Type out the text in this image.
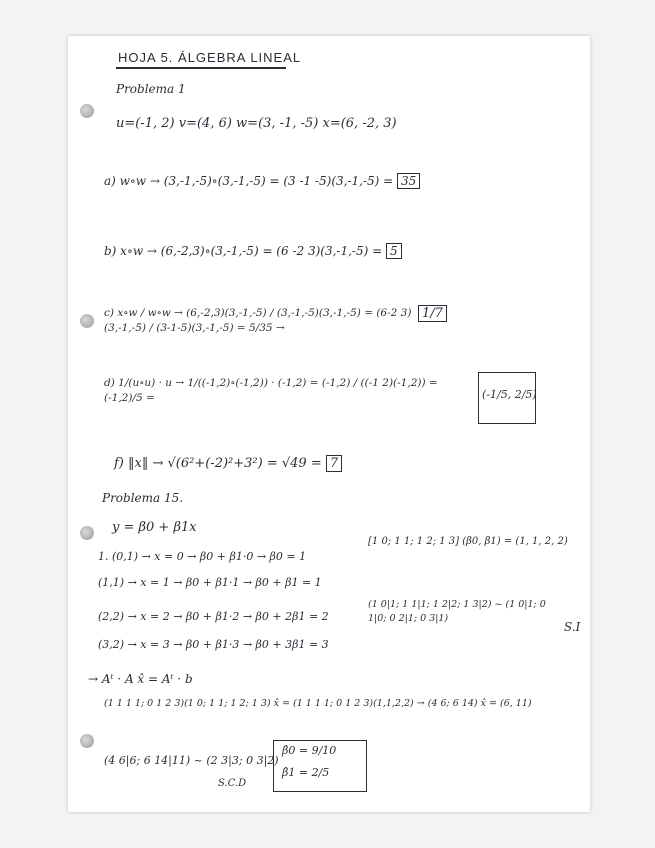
HOJA 5. ÁLGEBRA LINEAL
Problema 1
u=(-1, 2) v=(4, 6) w=(3, -1, -5) x=(6, -2, 3)
a) w∘w → (3,-1,-5)∘(3,-1,-5) = (3 -1 -5)(3,-1,-5) = 35
b) x∘w → (6,-2,3)∘(3,-1,-5) = (6 -2 3)(3,-1,-5) = 5
c) x∘w / w∘w → (6,-2,3)(3,-1,-5) / (3,-1,-5)(3,-1,-5) = (6-2 3)(3,-1,-5) / (3-1-5)(3,-1,-5) = 5/35 →
1/7
d) 1/(u∘u) · u → 1/((-1,2)∘(-1,2)) · (-1,2) = (-1,2) / ((-1 2)(-1,2)) = (-1,2)/5 =	(-1/5, 2/5)
f) ‖x‖ → √(6²+(-2)²+3²) = √49 = 7
Problema 15.
y = β0 + β1x
1. (0,1) → x = 0 → β0 + β1·0 → β0 = 1
(1,1) → x = 1 → β0 + β1·1 → β0 + β1 = 1
(2,2) → x = 2 → β0 + β1·2 → β0 + 2β1 = 2
(3,2) → x = 3 → β0 + β1·3 → β0 + 3β1 = 3
[1 0; 1 1; 1 2; 1 3] (β0, β1) = (1, 1, 2, 2)
(1 0|1; 1 1|1; 1 2|2; 1 3|2) ~ (1 0|1; 0 1|0; 0 2|1; 0 3|1)
S.I
→ Aᵗ · A x̂ = Aᵗ · b
(1 1 1 1; 0 1 2 3)(1 0; 1 1; 1 2; 1 3) x̂ = (1 1 1 1; 0 1 2 3)(1,1,2,2) → (4 6; 6 14) x̂ = (6, 11)
(4 6|6; 6 14|11) ~ (2 3|3; 0 3|2)
S.C.D
β̂0 = 9/10
β̂1 = 2/5
